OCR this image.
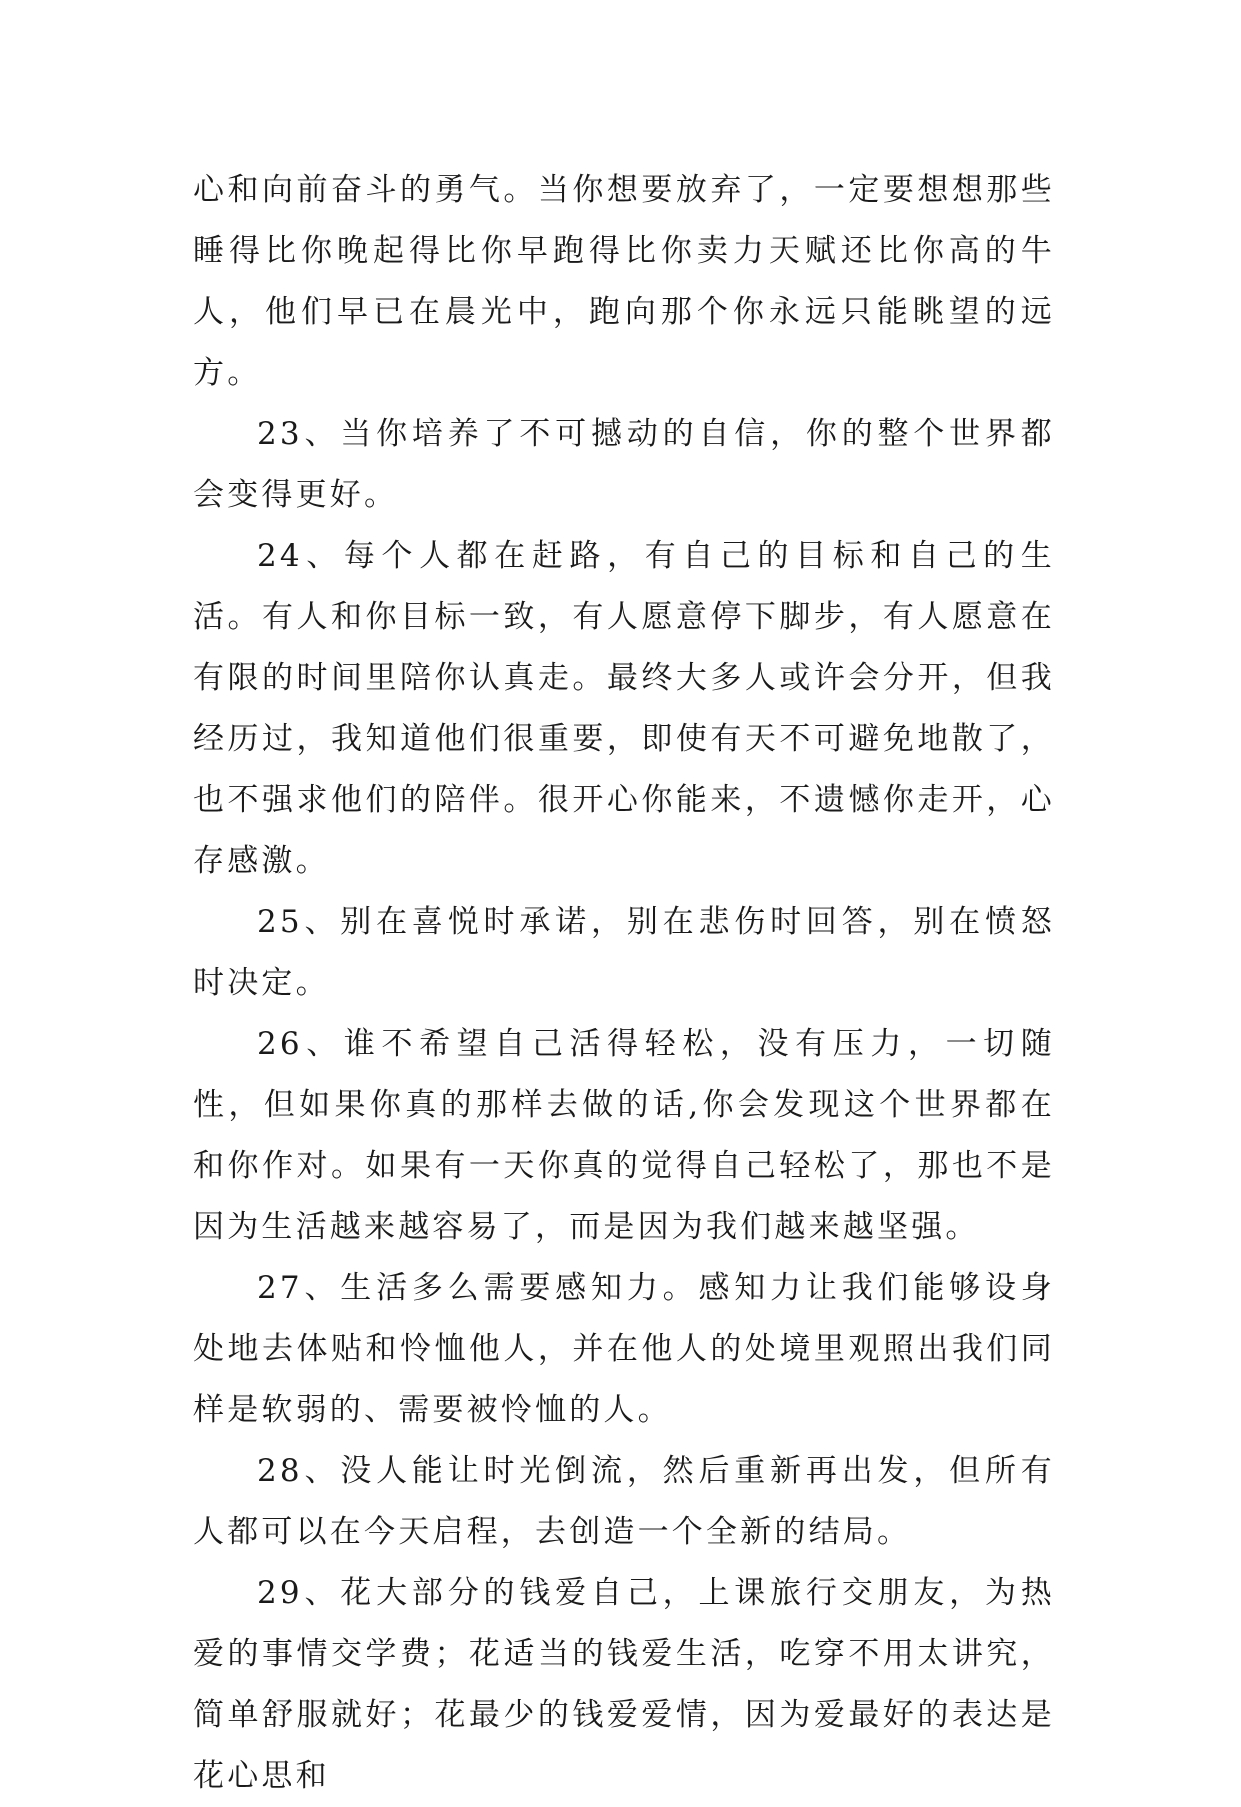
心和向前奋斗的勇气。当你想要放弃了，一定要想想那些睡得比你晚起得比你早跑得比你卖力天赋还比你高的牛人，他们早已在晨光中，跑向那个你永远只能眺望的远方。

23、当你培养了不可撼动的自信，你的整个世界都会变得更好。

24、每个人都在赶路，有自己的目标和自己的生活。有人和你目标一致，有人愿意停下脚步，有人愿意在有限的时间里陪你认真走。最终大多人或许会分开，但我经历过，我知道他们很重要，即使有天不可避免地散了，也不强求他们的陪伴。很开心你能来，不遗憾你走开，心存感激。

25、别在喜悦时承诺，别在悲伤时回答，别在愤怒时决定。

26、谁不希望自己活得轻松，没有压力，一切随性，但如果你真的那样去做的话,你会发现这个世界都在和你作对。如果有一天你真的觉得自己轻松了，那也不是因为生活越来越容易了，而是因为我们越来越坚强。

27、生活多么需要感知力。感知力让我们能够设身处地去体贴和怜恤他人，并在他人的处境里观照出我们同样是软弱的、需要被怜恤的人。

28、没人能让时光倒流，然后重新再出发，但所有人都可以在今天启程，去创造一个全新的结局。

29、花大部分的钱爱自己，上课旅行交朋友，为热爱的事情交学费；花适当的钱爱生活，吃穿不用太讲究，简单舒服就好；花最少的钱爱爱情，因为爱最好的表达是花心思和
